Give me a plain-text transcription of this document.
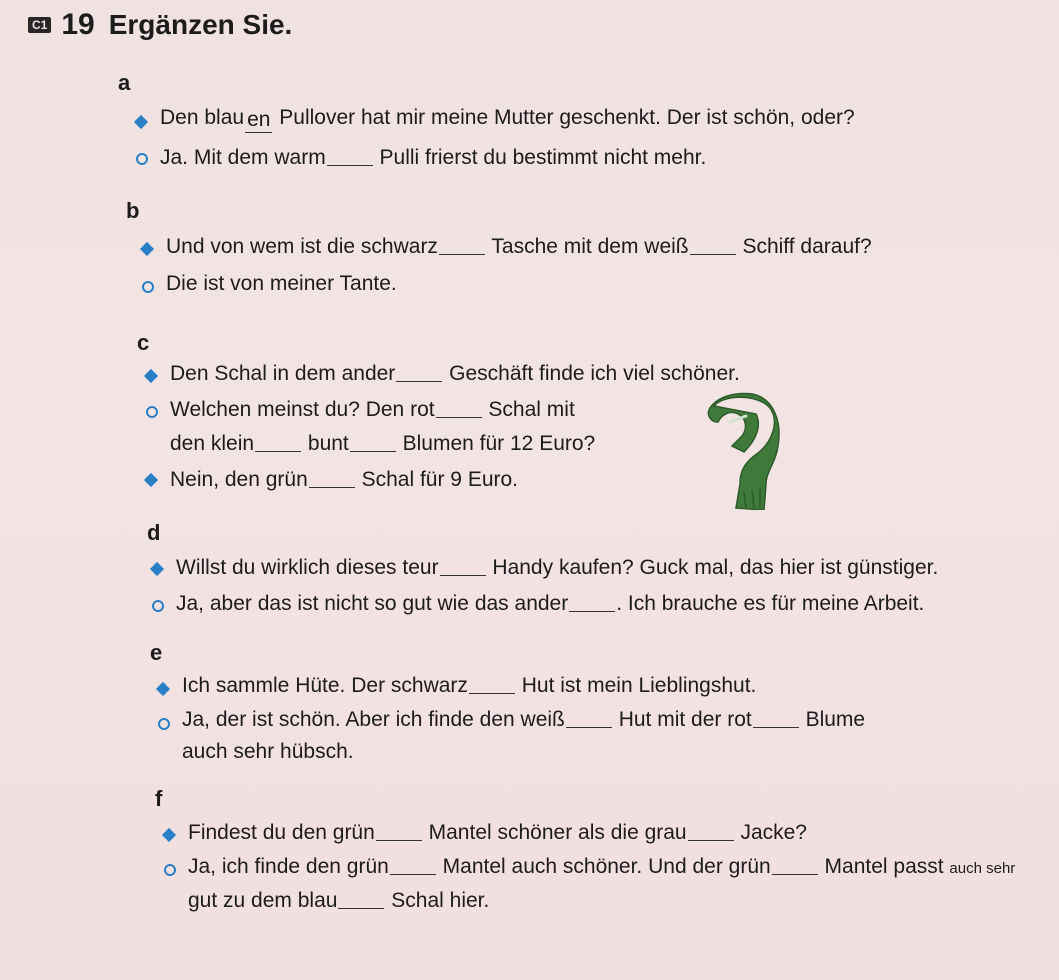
C1 19 Ergänzen Sie.
a
Den blau en Pullover hat mir meine Mutter geschenkt. Der ist schön, oder?
Ja. Mit dem warm Pulli frierst du bestimmt nicht mehr.
b
Und von wem ist die schwarz Tasche mit dem weiß Schiff darauf?
Die ist von meiner Tante.
c
Den Schal in dem ander Geschäft finde ich viel schöner.
Welchen meinst du? Den rot Schal mit
den klein bunt Blumen für 12 Euro?
Nein, den grün Schal für 9 Euro.
d
Willst du wirklich dieses teur Handy kaufen? Guck mal, das hier ist günstiger.
Ja, aber das ist nicht so gut wie das ander . Ich brauche es für meine Arbeit.
e
Ich sammle Hüte. Der schwarz Hut ist mein Lieblingshut.
Ja, der ist schön. Aber ich finde den weiß Hut mit der rot Blume
auch sehr hübsch.
f
Findest du den grün Mantel schöner als die grau Jacke?
Ja, ich finde den grün Mantel auch schöner. Und der grün Mantel passt auch sehr
gut zu dem blau Schal hier.
